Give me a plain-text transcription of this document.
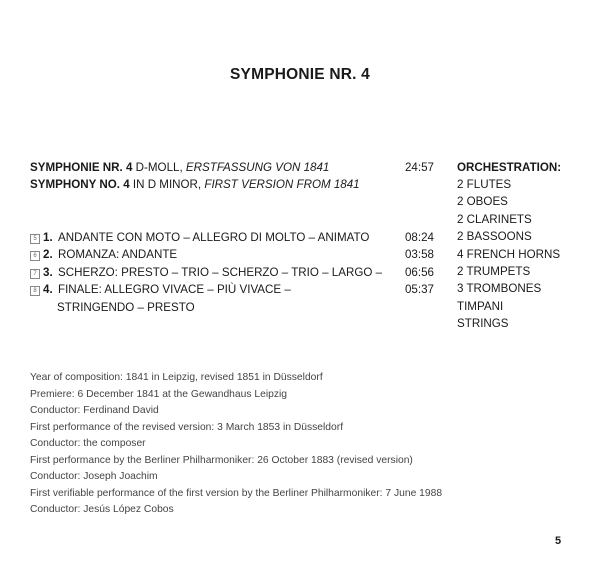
SYMPHONIE NR. 4
SYMPHONIE NR. 4 D-MOLL, ERSTFASSUNG VON 1841	24:57
SYMPHONY NO. 4 IN D MINOR, FIRST VERSION FROM 1841
5 1. ANDANTE CON MOTO – ALLEGRO DI MOLTO – ANIMATO	08:24
6 2. ROMANZA: ANDANTE	03:58
7 3. SCHERZO: PRESTO – TRIO – SCHERZO – TRIO – LARGO –	06:56
8 4. FINALE: ALLEGRO VIVACE – PIÙ VIVACE –	05:37
STRINGENDO – PRESTO
ORCHESTRATION:
2 FLUTES
2 OBOES
2 CLARINETS
2 BASSOONS
4 FRENCH HORNS
2 TRUMPETS
3 TROMBONES
TIMPANI
STRINGS
Year of composition: 1841 in Leipzig, revised 1851 in Düsseldorf
Premiere: 6 December 1841 at the Gewandhaus Leipzig
Conductor: Ferdinand David
First performance of the revised version: 3 March 1853 in Düsseldorf
Conductor: the composer
First performance by the Berliner Philharmoniker: 26 October 1883 (revised version)
Conductor: Joseph Joachim
First verifiable performance of the first version by the Berliner Philharmoniker: 7 June 1988
Conductor: Jesús López Cobos
5
